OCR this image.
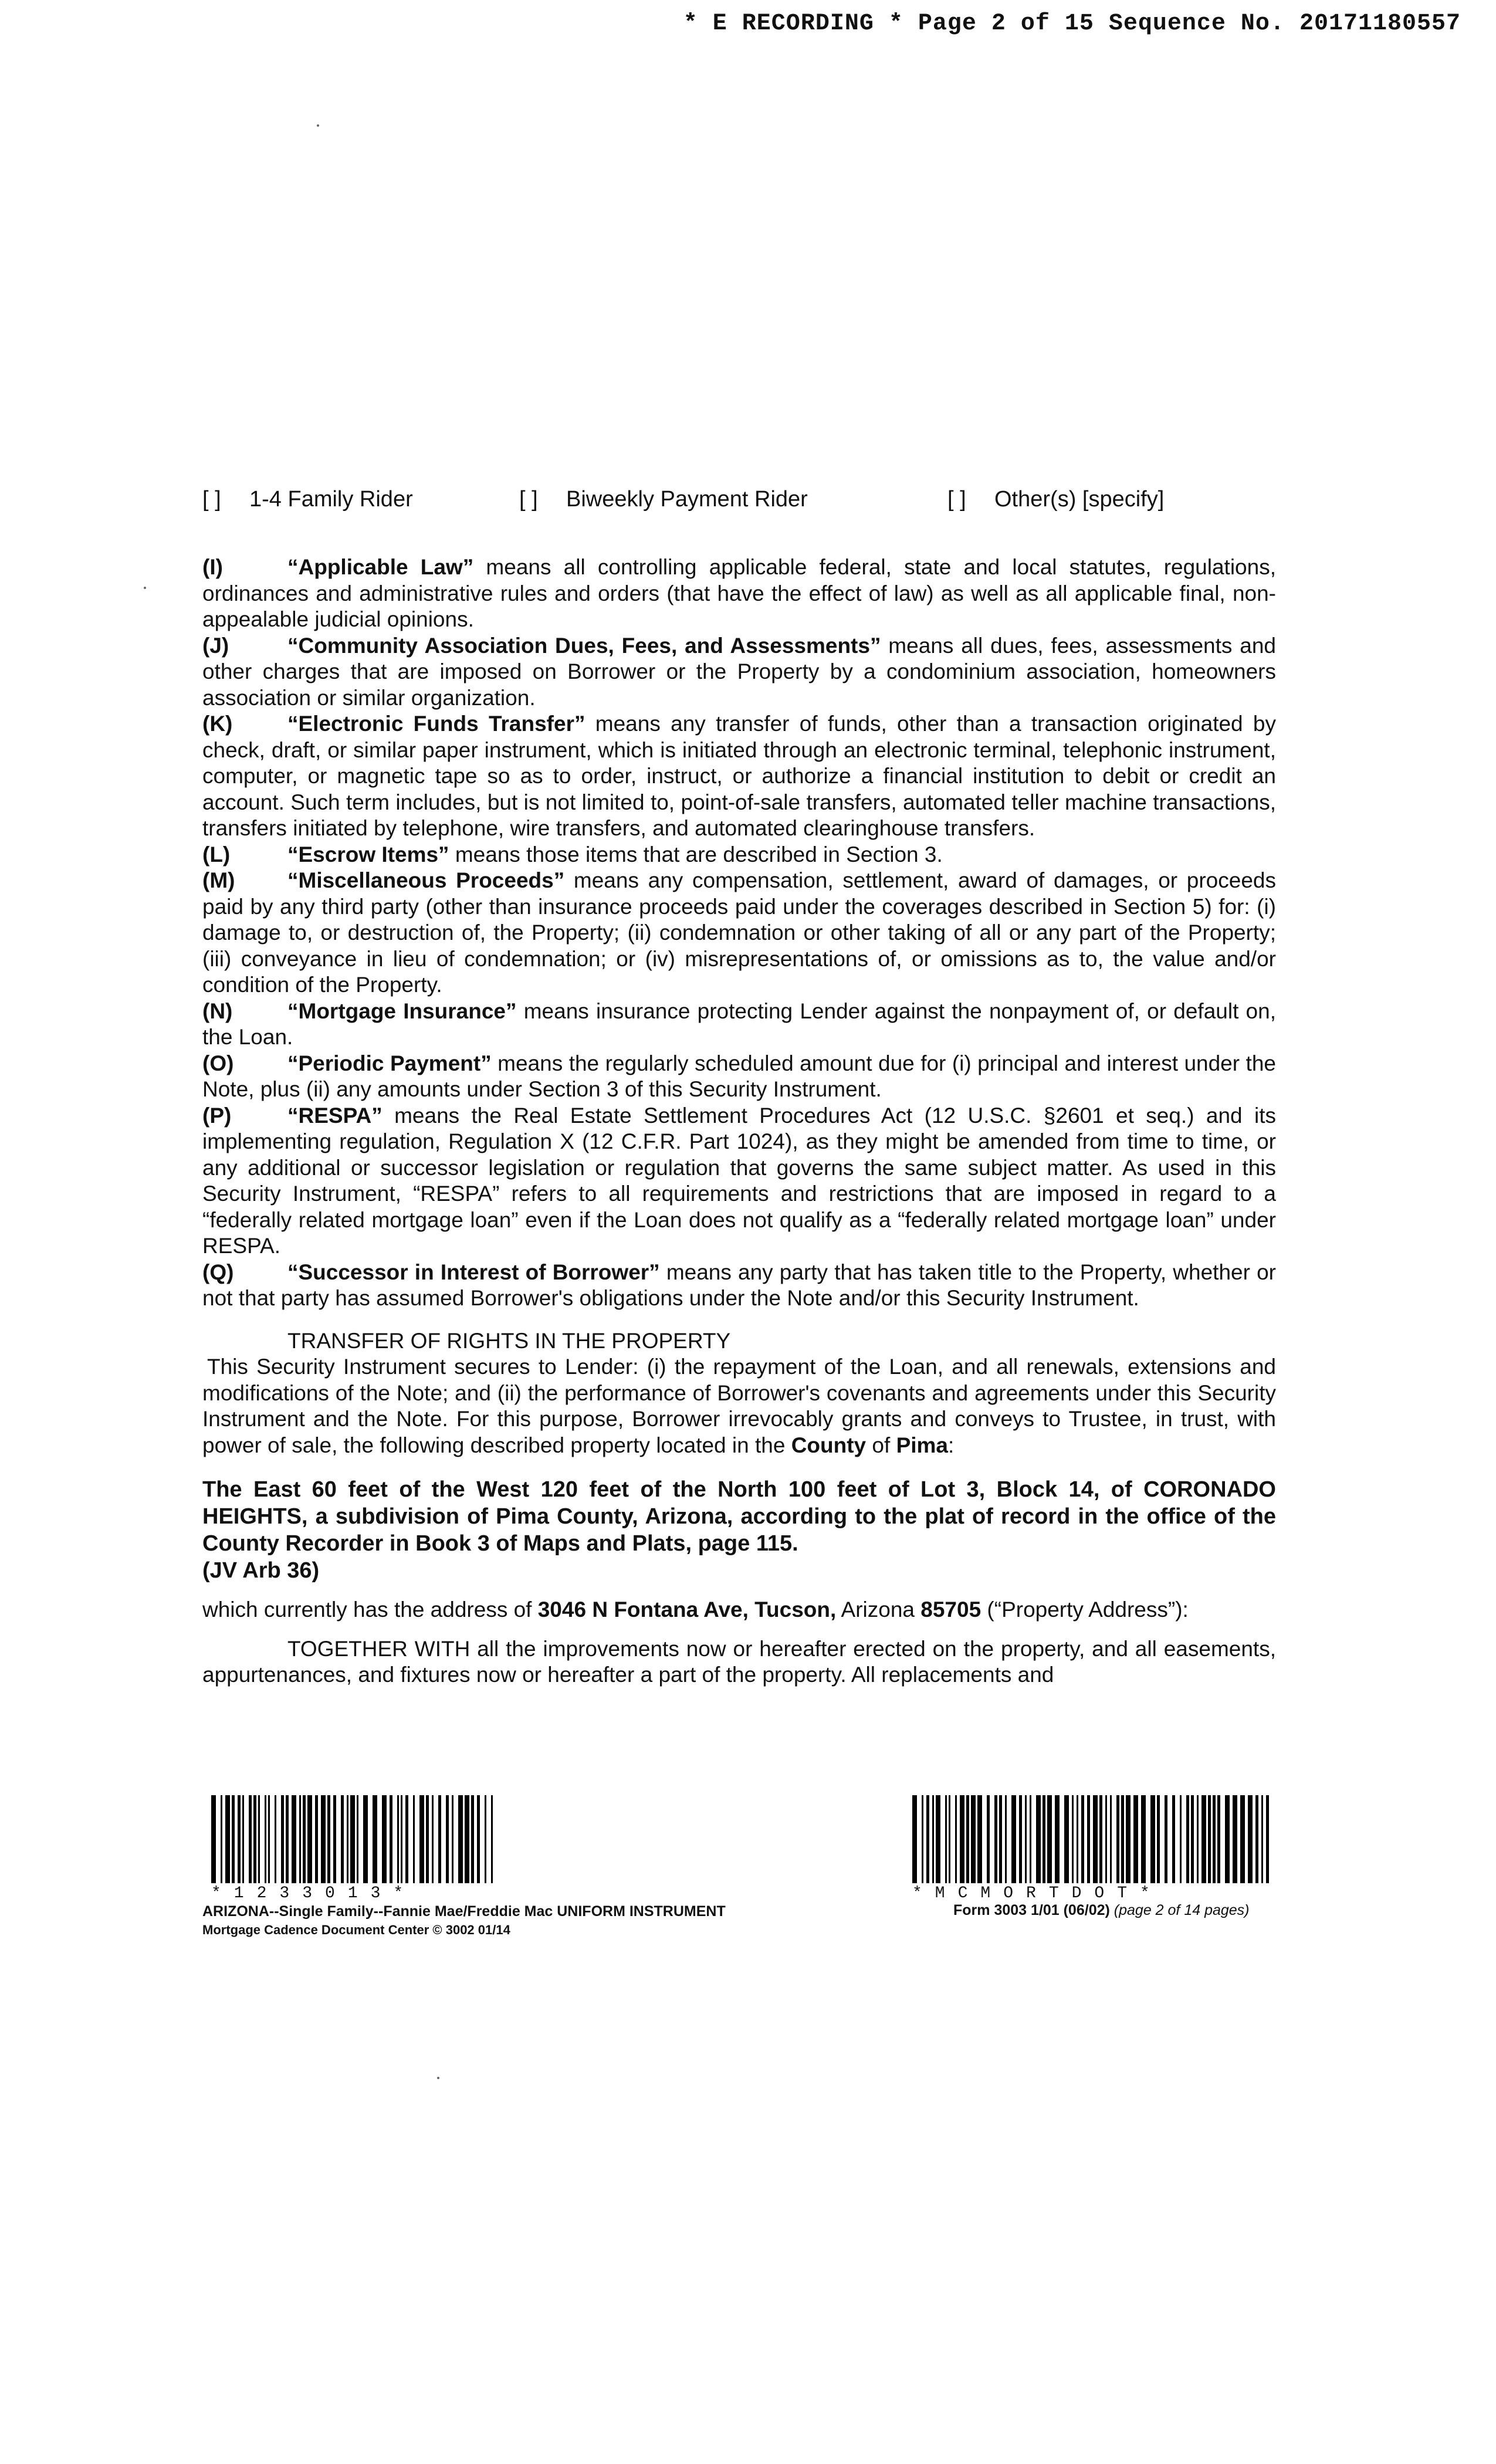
* E RECORDING * Page 2 of 15 Sequence No. 20171180557
[ ] 1-4 Family Rider	[ ] Biweekly Payment Rider	[ ] Other(s) [specify]

(I)	“Applicable Law” means all controlling applicable federal, state and local statutes, regulations, ordinances and administrative rules and orders (that have the effect of law) as well as all applicable final, non-appealable judicial opinions.

(J)	“Community Association Dues, Fees, and Assessments” means all dues, fees, assessments and other charges that are imposed on Borrower or the Property by a condominium association, homeowners association or similar organization.

(K)	“Electronic Funds Transfer” means any transfer of funds, other than a transaction originated by check, draft, or similar paper instrument, which is initiated through an electronic terminal, telephonic instrument, computer, or magnetic tape so as to order, instruct, or authorize a financial institution to debit or credit an account. Such term includes, but is not limited to, point-of-sale transfers, automated teller machine transactions, transfers initiated by telephone, wire transfers, and automated clearinghouse transfers.

(L)	“Escrow Items” means those items that are described in Section 3.

(M) “Miscellaneous Proceeds” means any compensation, settlement, award of damages, or proceeds paid by any third party (other than insurance proceeds paid under the coverages described in Section 5) for: (i) damage to, or destruction of, the Property; (ii) condemnation or other taking of all or any part of the Property; (iii) conveyance in lieu of condemnation; or (iv) misrepresentations of, or omissions as to, the value and/or condition of the Property.

(N)	“Mortgage Insurance” means insurance protecting Lender against the nonpayment of, or default on, the Loan.

(O) “Periodic Payment” means the regularly scheduled amount due for (i) principal and interest under the Note, plus (ii) any amounts under Section 3 of this Security Instrument.

(P)	“RESPA” means the Real Estate Settlement Procedures Act (12 U.S.C. §2601 et seq.) and its implementing regulation, Regulation X (12 C.F.R. Part 1024), as they might be amended from time to time, or any additional or successor legislation or regulation that governs the same subject matter. As used in this Security Instrument, “RESPA” refers to all requirements and restrictions that are imposed in regard to a “federally related mortgage loan” even if the Loan does not qualify as a “federally related mortgage loan” under RESPA.

(Q) “Successor in Interest of Borrower” means any party that has taken title to the Property, whether or not that party has assumed Borrower's obligations under the Note and/or this Security Instrument.

TRANSFER OF RIGHTS IN THE PROPERTY

This Security Instrument secures to Lender: (i) the repayment of the Loan, and all renewals, extensions and modifications of the Note; and (ii) the performance of Borrower's covenants and agreements under this Security Instrument and the Note. For this purpose, Borrower irrevocably grants and conveys to Trustee, in trust, with power of sale, the following described property located in the County of Pima:

The East 60 feet of the West 120 feet of the North 100 feet of Lot 3, Block 14, of CORONADO HEIGHTS, a subdivision of Pima County, Arizona, according to the plat of record in the office of the County Recorder in Book 3 of Maps and Plats, page 115.
(JV Arb 36)

which currently has the address of 3046 N Fontana Ave, Tucson, Arizona 85705 (“Property Address”):

TOGETHER WITH all the improvements now or hereafter erected on the property, and all easements, appurtenances, and fixtures now or hereafter a part of the property. All replacements and

*1233013*	*MCMORTDOT*
ARIZONA--Single Family--Fannie Mae/Freddie Mac UNIFORM INSTRUMENT
Mortgage Cadence Document Center © 3002 01/14
Form 3003 1/01 (06/02) (page 2 of 14 pages)
